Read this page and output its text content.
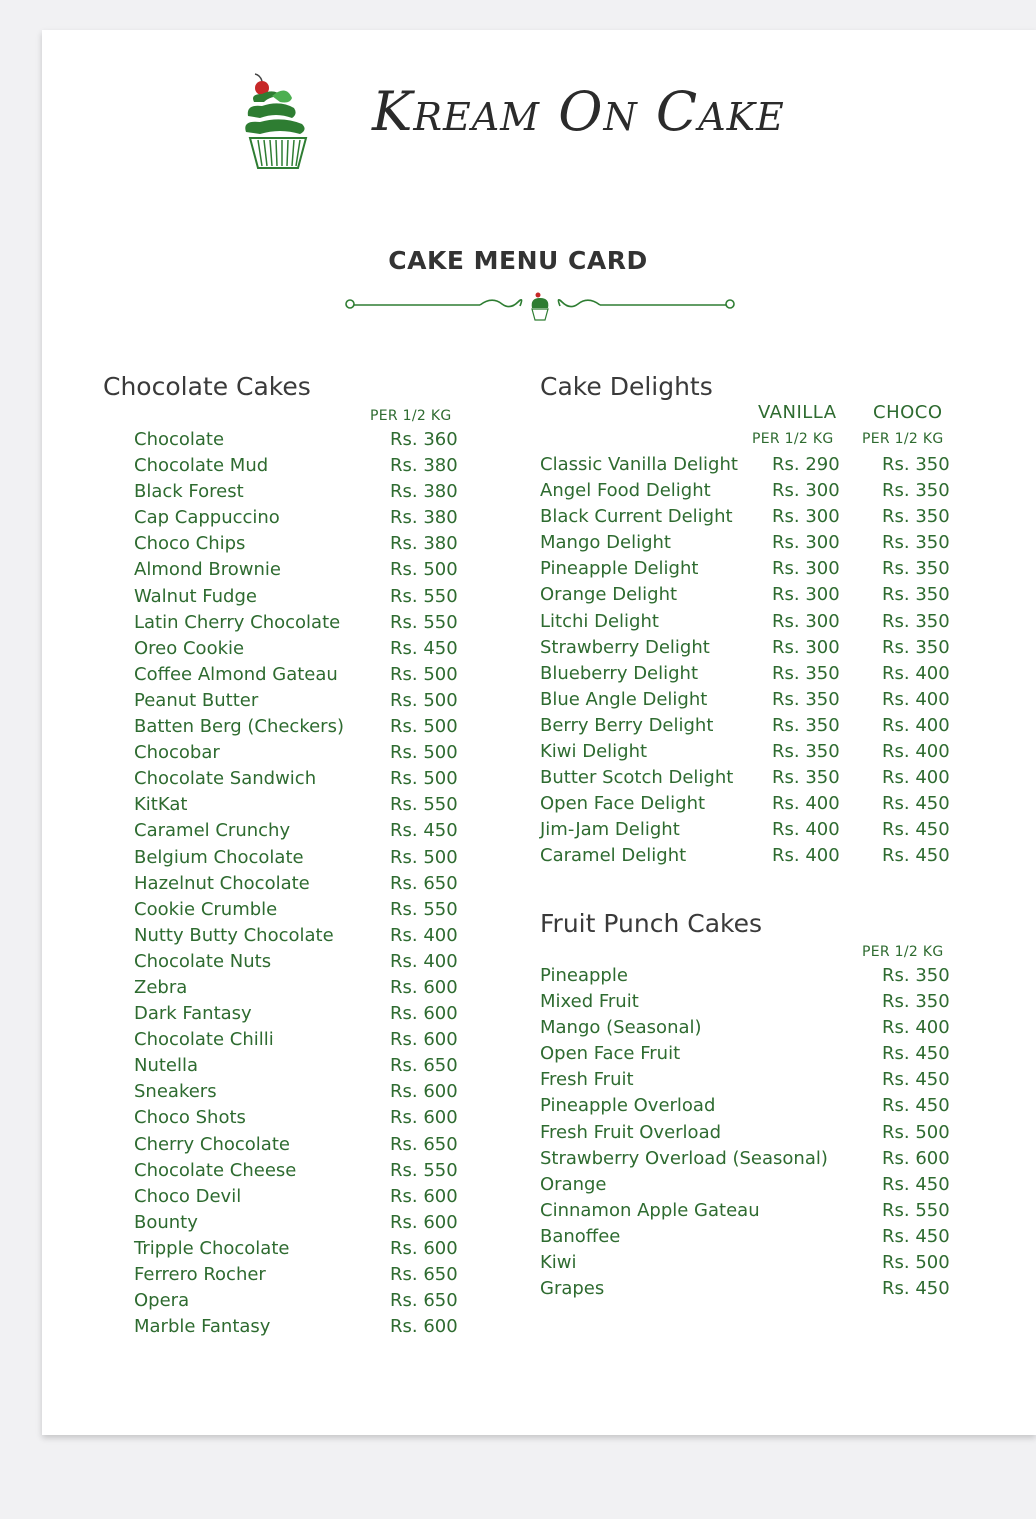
Kream On Cake
CAKE MENU CARD
Chocolate Cakes
PER 1/2 KG
Chocolate	Rs. 360
Chocolate Mud	Rs. 380
Black Forest	Rs. 380
Cap Cappuccino	Rs. 380
Choco Chips	Rs. 380
Almond Brownie	Rs. 500
Walnut Fudge	Rs. 550
Latin Cherry Chocolate	Rs. 550
Oreo Cookie	Rs. 450
Coffee Almond Gateau	Rs. 500
Peanut Butter	Rs. 500
Batten Berg (Checkers)	Rs. 500
Chocobar	Rs. 500
Chocolate Sandwich	Rs. 500
KitKat	Rs. 550
Caramel Crunchy	Rs. 450
Belgium Chocolate	Rs. 500
Hazelnut Chocolate	Rs. 650
Cookie Crumble	Rs. 550
Nutty Butty Chocolate	Rs. 400
Chocolate Nuts	Rs. 400
Zebra	Rs. 600
Dark Fantasy	Rs. 600
Chocolate Chilli	Rs. 600
Nutella	Rs. 650
Sneakers	Rs. 600
Choco Shots	Rs. 600
Cherry Chocolate	Rs. 650
Chocolate Cheese	Rs. 550
Choco Devil	Rs. 600
Bounty	Rs. 600
Tripple Chocolate	Rs. 600
Ferrero Rocher	Rs. 650
Opera	Rs. 650
Marble Fantasy	Rs. 600
Cake Delights
VANILLA CHOCO
PER 1/2 KG PER 1/2 KG
Classic Vanilla Delight Rs. 290 Rs. 350
Angel Food Delight	Rs. 300 Rs. 350
Black Current Delight Rs. 300 Rs. 350
Mango Delight	Rs. 300 Rs. 350
Pineapple Delight	Rs. 300 Rs. 350
Orange Delight	Rs. 300 Rs. 350
Litchi Delight	Rs. 300 Rs. 350
Strawberry Delight	Rs. 300 Rs. 350
Blueberry Delight	Rs. 350 Rs. 400
Blue Angle Delight	Rs. 350 Rs. 400
Berry Berry Delight	Rs. 350 Rs. 400
Kiwi Delight	Rs. 350 Rs. 400
Butter Scotch Delight Rs. 350 Rs. 400
Open Face Delight	Rs. 400 Rs. 450
Jim-Jam Delight	Rs. 400 Rs. 450
Caramel Delight	Rs. 400 Rs. 450
Fruit Punch Cakes
PER 1/2 KG
Pineapple	Rs. 350
Mixed Fruit	Rs. 350
Mango (Seasonal)	Rs. 400
Open Face Fruit	Rs. 450
Fresh Fruit	Rs. 450
Pineapple Overload	Rs. 450
Fresh Fruit Overload	Rs. 500
Strawberry Overload (Seasonal)	Rs. 600
Orange	Rs. 450
Cinnamon Apple Gateau	Rs. 550
Banoffee	Rs. 450
Kiwi	Rs. 500
Grapes	Rs. 450
